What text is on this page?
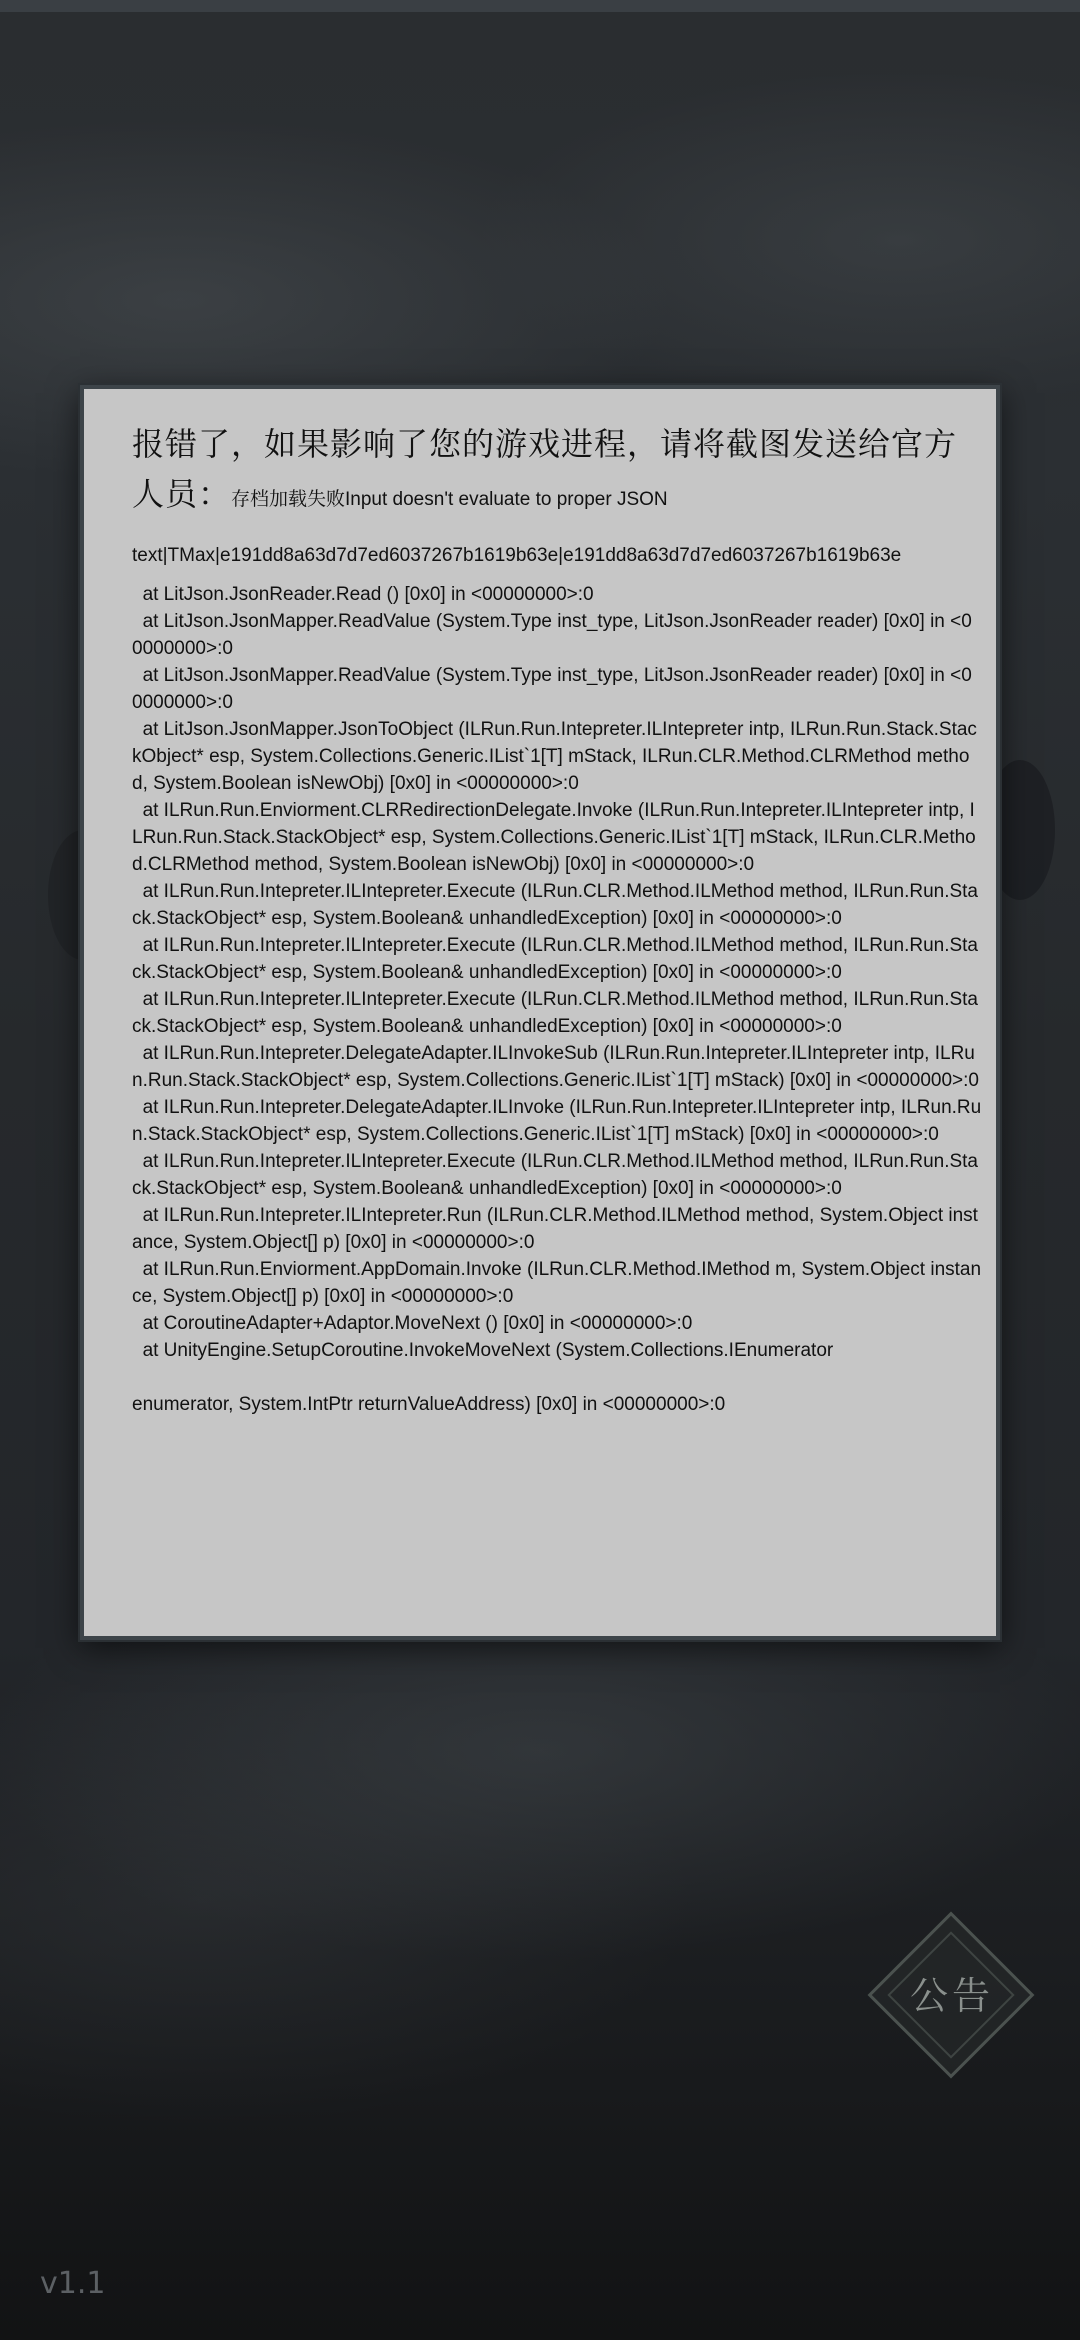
报错了，如果影响了您的游戏进程，请将截图发送给官方人员：存档加载失败Input doesn't evaluate to proper JSON text|TMax|e191dd8a63d7d7ed6037267b1619b63e|e191dd8a63d7d7ed6037267b1619b63e

at LitJson.JsonReader.Read () [0x0] in <00000000>:0
at LitJson.JsonMapper.ReadValue (System.Type inst_type, LitJson.JsonReader reader) [0x0] in <00000000>:0
at LitJson.JsonMapper.ReadValue (System.Type inst_type, LitJson.JsonReader reader) [0x0] in <00000000>:0
at LitJson.JsonMapper.JsonToObject (ILRun.Run.Intepreter.ILIntepreter intp, ILRun.Run.Stack.StackObject* esp, System.Collections.Generic.IList`1[T] mStack, ILRun.CLR.Method.CLRMethod method, System.Boolean isNewObj) [0x0] in <00000000>:0
at ILRun.Run.Enviorment.CLRRedirectionDelegate.Invoke (ILRun.Run.Intepreter.ILIntepreter intp, ILRun.Run.Stack.StackObject* esp, System.Collections.Generic.IList`1[T] mStack, ILRun.CLR.Method.CLRMethod method, System.Boolean isNewObj) [0x0] in <00000000>:0
at ILRun.Run.Intepreter.ILIntepreter.Execute (ILRun.CLR.Method.ILMethod method, ILRun.Run.Stack.StackObject* esp, System.Boolean& unhandledException) [0x0] in <00000000>:0
at ILRun.Run.Intepreter.ILIntepreter.Execute (ILRun.CLR.Method.ILMethod method, ILRun.Run.Stack.StackObject* esp, System.Boolean& unhandledException) [0x0] in <00000000>:0
at ILRun.Run.Intepreter.ILIntepreter.Execute (ILRun.CLR.Method.ILMethod method, ILRun.Run.Stack.StackObject* esp, System.Boolean& unhandledException) [0x0] in <00000000>:0
at ILRun.Run.Intepreter.DelegateAdapter.ILInvokeSub (ILRun.Run.Intepreter.ILIntepreter intp, ILRun.Run.Stack.StackObject* esp, System.Collections.Generic.IList`1[T] mStack) [0x0] in <00000000>:0
at ILRun.Run.Intepreter.DelegateAdapter.ILInvoke (ILRun.Run.Intepreter.ILIntepreter intp, ILRun.Run.Stack.StackObject* esp, System.Collections.Generic.IList`1[T] mStack) [0x0] in <00000000>:0
at ILRun.Run.Intepreter.ILIntepreter.Execute (ILRun.CLR.Method.ILMethod method, ILRun.Run.Stack.StackObject* esp, System.Boolean& unhandledException) [0x0] in <00000000>:0
at ILRun.Run.Intepreter.ILIntepreter.Run (ILRun.CLR.Method.ILMethod method, System.Object instance, System.Object[] p) [0x0] in <00000000>:0
at ILRun.Run.Enviorment.AppDomain.Invoke (ILRun.CLR.Method.IMethod m, System.Object instance, System.Object[] p) [0x0] in <00000000>:0
at CoroutineAdapter+Adaptor.MoveNext () [0x0] in <00000000>:0
at UnityEngine.SetupCoroutine.InvokeMoveNext (System.Collections.IEnumerator

enumerator, System.IntPtr returnValueAddress) [0x0] in <00000000>:0
公告
v1.1
